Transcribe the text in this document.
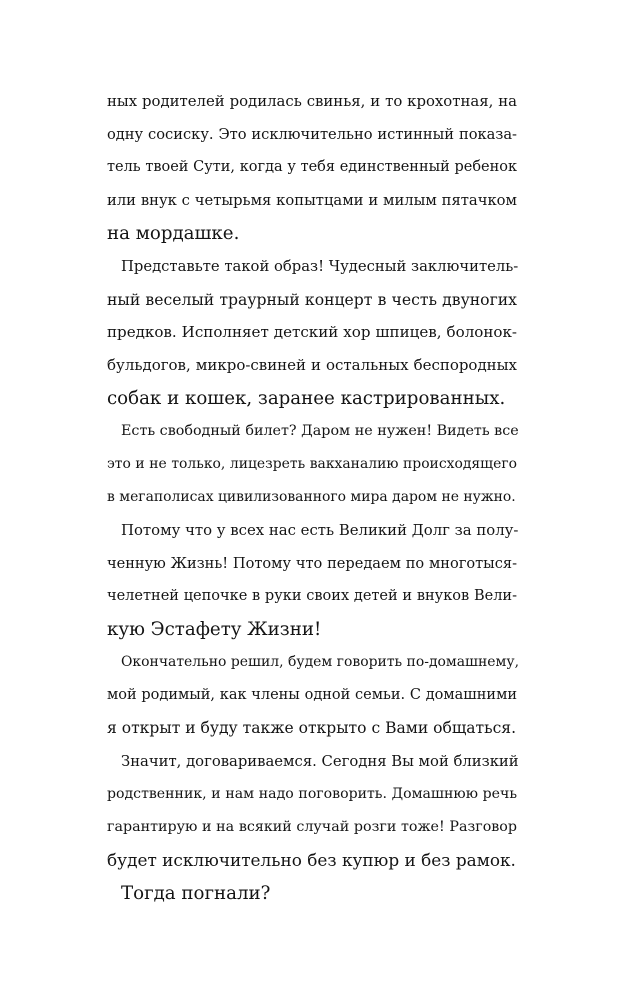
ных родителей родилась свинья, и то крохотная, на
одну сосиску. Это исключительно истинный показа-
тель твоей Сути, когда у тебя единственный ребенок
или внук с четырьмя копытцами и милым пятачком
на мордашке.
Представьте такой образ! Чудесный заключитель-
ный веселый траурный концерт в честь двуногих
предков. Исполняет детский хор шпицев, болонок-
бульдогов, микро-свиней и остальных беспородных
собак и кошек, заранее кастрированных.
Есть свободный билет? Даром не нужен! Видеть все
это и не только, лицезреть вакханалию происходящего
в мегаполисах цивилизованного мира даром не нужно.
Потому что у всех нас есть Великий Долг за полу-
ченную Жизнь! Потому что передаем по многотыся-
челетней цепочке в руки своих детей и внуков Вели-
кую Эстафету Жизни!
Окончательно решил, будем говорить по-домашнему,
мой родимый, как члены одной семьи. С домашними
я открыт и буду также открыто с Вами общаться.
Значит, договариваемся. Сегодня Вы мой близкий
родственник, и нам надо поговорить. Домашнюю речь
гарантирую и на всякий случай розги тоже! Разговор
будет исключительно без купюр и без рамок.
Тогда погнали?
